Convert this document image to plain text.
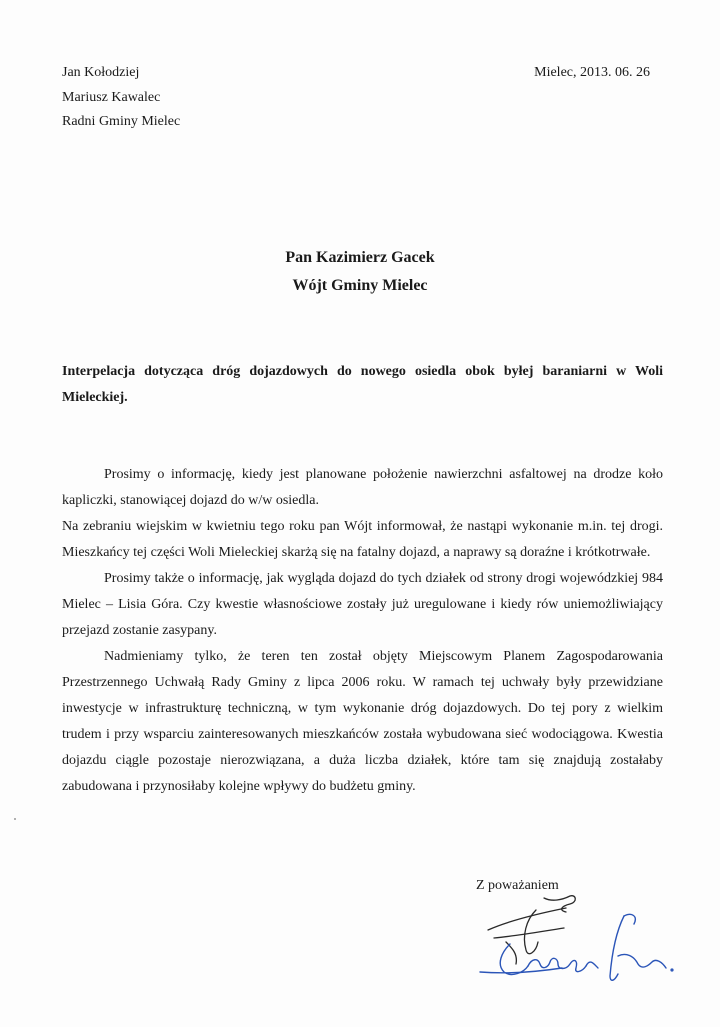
Jan Kołodziej
Mariusz Kawalec
Radni Gminy Mielec
Mielec, 2013. 06. 26
Pan Kazimierz Gacek
Wójt Gminy Mielec
Interpelacja dotycząca dróg dojazdowych do nowego osiedla obok byłej baraniarni w Woli Mieleckiej.

Prosimy o informację, kiedy jest planowane położenie nawierzchni asfaltowej na drodze koło kapliczki, stanowiącej dojazd do w/w osiedla.

Na zebraniu wiejskim w kwietniu tego roku pan Wójt informował, że nastąpi wykonanie m.in. tej drogi. Mieszkańcy tej części Woli Mieleckiej skarżą się na fatalny dojazd, a naprawy są doraźne i krótkotrwałe.

Prosimy także o informację, jak wygląda dojazd do tych działek od strony drogi wojewódzkiej 984 Mielec – Lisia Góra. Czy kwestie własnościowe zostały już uregulowane i kiedy rów uniemożliwiający przejazd zostanie zasypany.

Nadmieniamy tylko, że teren ten został objęty Miejscowym Planem Zagospodarowania Przestrzennego Uchwałą Rady Gminy z lipca 2006 roku. W ramach tej uchwały były przewidziane inwestycje w infrastrukturę techniczną, w tym wykonanie dróg dojazdowych. Do tej pory z wielkim trudem i przy wsparciu zainteresowanych mieszkańców została wybudowana sieć wodociągowa. Kwestia dojazdu ciągle pozostaje nierozwiązana, a duża liczba działek, które tam się znajdują zostałaby zabudowana i przynosiłaby kolejne wpływy do budżetu gminy.

Z poważaniem
